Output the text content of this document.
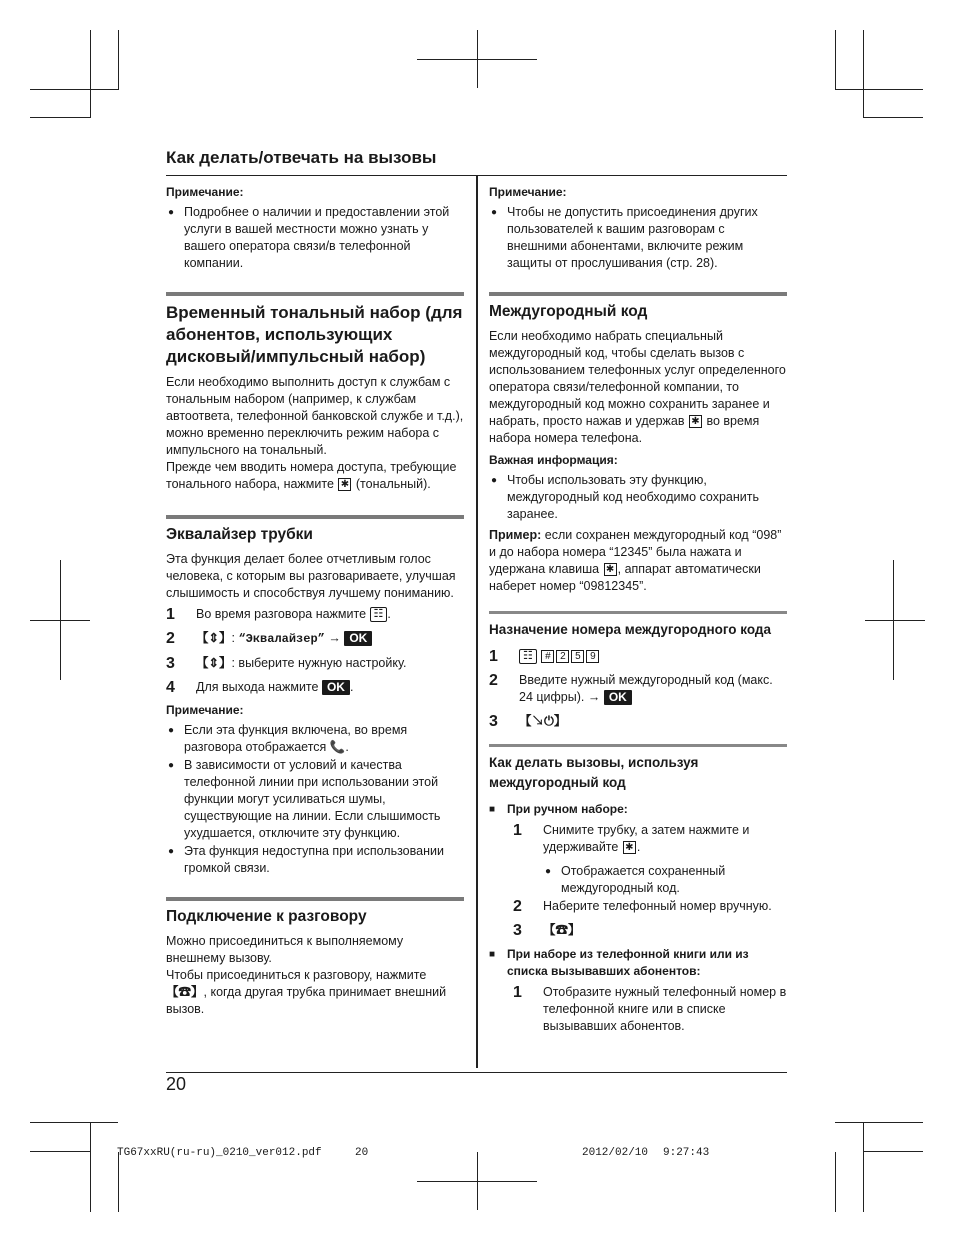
Как делать/отвечать на вызовы
Примечание:
● Подробнее о наличии и предоставлении этой услуги в вашей местности можно узнать у вашего оператора связи/в телефонной компании.
Временный тональный набор (для абонентов, использующих дисковый/импульсный набор)

Если необходимо выполнить доступ к службам с тональным набором (например, к службам автоответа, телефонной банковской службе и т.д.), можно временно переключить режим набора с импульсного на тональный.

Прежде чем вводить номера доступа, требующие тонального набора, нажмите ✱ (тональный).

Эквалайзер трубки

Эта функция делает более отчетливым голос человека, с которым вы разговариваете, улучшая слышимость и способствуя лучшему пониманию.

1	Во время разговора нажмите ☷ .
2	【⇕】: “Эквалайзер” → OK
3	【⇕】: выберите нужную настройку.
4	Для выхода нажмите OK .
Примечание:
● Если эта функция включена, во время разговора отображается 📞.
● В зависимости от условий и качества телефонной линии при использовании этой функции могут усиливаться шумы, существующие на линии. Если слышимость ухудшается, отключите эту функцию.
● Эта функция недоступна при использовании громкой связи.
Подключение к разговору

Можно присоединиться к выполняемому внешнему вызову.

Чтобы присоединиться к разговору, нажмите 【☎】, когда другая трубка принимает внешний вызов.

Примечание:
● Чтобы не допустить присоединения других пользователей к вашим разговорам с внешними абонентами, включите режим защиты от прослушивания (стр. 28).
Междугородный код

Если необходимо набрать специальный междугородный код, чтобы сделать вызов с использованием телефонных услуг определенного оператора связи/телефонной компании, то междугородный код можно сохранить заранее и набрать, просто нажав и удержав ✱ во время набора номера телефона.

Важная информация:
● Чтобы использовать эту функцию, междугородный код необходимо сохранить заранее.

Пример: если сохранен междугородный код “098” и до набора номера “12345” была нажата и удержана клавиша ✱ , аппарат автоматически наберет номер “09812345”.

Назначение номера междугородного кода
1	☷ # 2 5 9
2	Введите нужный междугородный код (макс. 24 цифры). → OK
3	【↘⏻】
Как делать вызовы, используя междугородный код
■ При ручном наборе:
1	Снимите трубку, а затем нажмите и удерживайте ✱ .
● Отображается сохраненный междугородный код.
2	Наберите телефонный номер вручную.
3	【☎】
■ При наборе из телефонной книги или из списка вызывавших абонентов:
1	Отобразите нужный телефонный номер в телефонной книге или в списке вызывавших абонентов.
20
TG67xxRU(ru-ru)_0210_ver012.pdf	20	2012/02/10 9:27:43
